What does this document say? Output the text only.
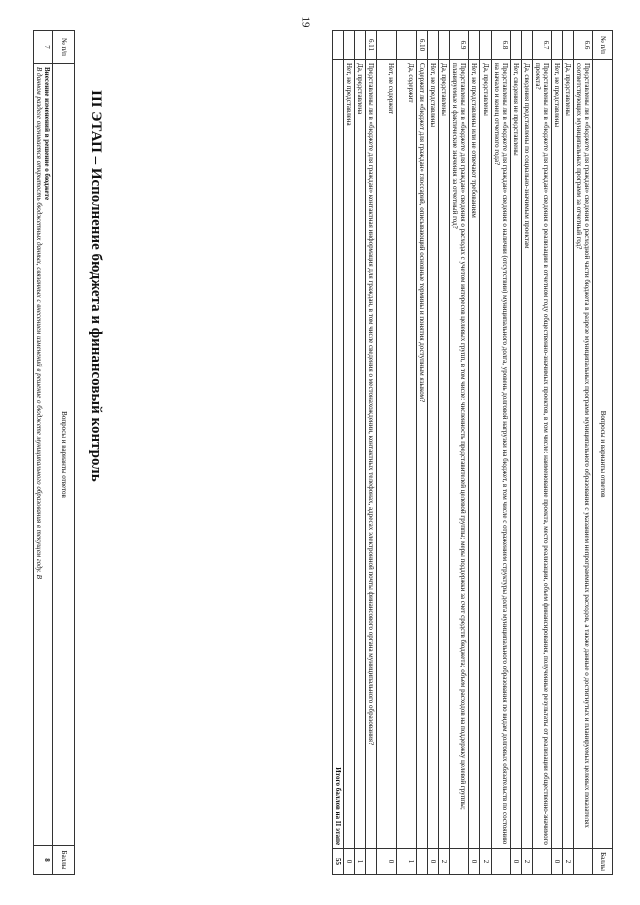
19
№ п/п	Вопросы и варианты ответов	Баллы
6.6	Представлены ли в «бюджете для граждан» сведения о расходной части бюджета в разрезе муниципальных программ муниципального образования с указанием непрограммных расходов, а также данные о достигнутых и планируемых целевых показателях соответствующих муниципальных программ за отчетный год?	
	Да, представлены	2
	Нет, не представлены	0
6.7	Представлены ли в «бюджете для граждан» сведения о реализации в отчетном году общественно-значимых проектов, в том числе: наименование проекта, место реализации, объем финансирования, полученные результаты от реализации общественно-значимого проекта?	
	Да, сведения представлены по социально-значимым проектам	2
	Нет, сведения не представлены	0
6.8	Представлены ли в «бюджете для граждан» сведения о наличии (отсутствии) муниципального долга, уровень долговой нагрузки на бюджет, в том числе с отражением структуры долга муниципального образования по видам долговых обязательств по состоянию на начало и конец отчетного года?	
	Да, представлены	2
	Нет, не представлены или не отвечают требованиям	0
6.9	Представлены ли в «бюджете для граждан» сведения о расходах с учетом интересов целевых групп, в том числе: численность представителей целевой группы; меры поддержки за счет средств бюджета; объем расходов на поддержку целевой группы; планируемые и фактические значения за отчетный год?	
	Да, представлены	2
	Нет, не представлены	0
6.10	Содержит ли «бюджет для граждан» глоссарий, описывающий основные термины и понятия доступным языком?	
	Да, содержит	1
	Нет, не содержит	0
6.11	Представлены ли в «бюджете для граждан» контактная информация для граждан, в том числе сведения о местонахождении, контактных телефонах, адресах электронной почты финансового органа муниципального образования?	
	Да, представлена	1
	Нет, не представлена	0
	Итого баллов на II этапе	55
III ЭТАП – Исполнение бюджета и финансовый контроль
№ п/п	Вопросы и варианты ответов	Баллы
7	Внесение изменений в решение о бюджете
В данном разделе оценивается открытость бюджетных данных, связанных с внесением изменений в решение о бюджете муниципального образования в текущем году. В	8
